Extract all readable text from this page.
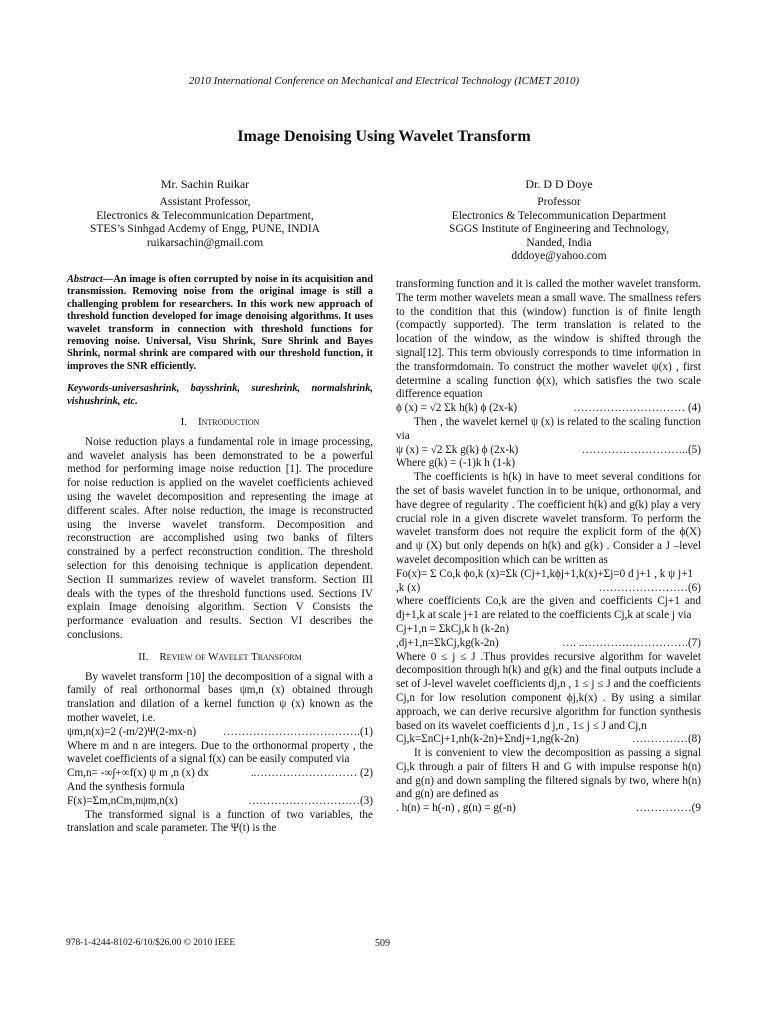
2010 International Conference on Mechanical and Electrical Technology (ICMET 2010)
Image Denoising Using Wavelet Transform
Mr. Sachin Ruikar
Assistant Professor,
Electronics & Telecommunication Department,
STES’s Sinhgad Acdemy of Engg, PUNE, INDIA
ruikarsachin@gmail.com
Dr. D D Doye
Professor
Electronics & Telecommunication Department
SGGS Institute of Engineering and Technology,
Nanded, India
dddoye@yahoo.com

Abstract—An image is often corrupted by noise in its acquisition and transmission. Removing noise from the original image is still a challenging problem for researchers. In this work new approach of threshold function developed for image denoising algorithms. It uses wavelet transform in connection with threshold functions for removing noise. Universal, Visu Shrink, Sure Shrink and Bayes Shrink, normal shrink are compared with our threshold function, it improves the SNR efficiently.

Keywords-universashrink, baysshrink, sureshrink, normalshrink, vishushrink, etc.

I. Introduction

Noise reduction plays a fundamental role in image processing, and wavelet analysis has been demonstrated to be a powerful method for performing image noise reduction [1]. The procedure for noise reduction is applied on the wavelet coefficients achieved using the wavelet decomposition and representing the image at different scales. After noise reduction, the image is reconstructed using the inverse wavelet transform. Decomposition and reconstruction are accomplished using two banks of filters constrained by a perfect reconstruction condition. The threshold selection for this denoising technique is application dependent. Section II summarizes review of wavelet transform. Section III deals with the types of the threshold functions used. Sections IV explain Image denoising algorithm. Section V Consists the performance evaluation and results. Section VI describes the conclusions.

II. Review of Wavelet Transform

By wavelet transform [10] the decomposition of a signal with a family of real orthonormal bases ψm,n (x) obtained through translation and dilation of a kernel function ψ (x) known as the mother wavelet, i.e.

ψm,n(x)=2 (-m/2)Ψ(2-mx-n) ……………………………….(1)

Where m and n are integers. Due to the orthonormal property , the wavelet coefficients of a signal f(x) can be easily computed via

Cm,n= -∞∫+∞f(x) ψ m ,n (x) dx	..……………………… (2)

And the synthesis formula

F(x)=Σm,nCm,nψm,n(x)	…………………………(3)

The transformed signal is a function of two variables, the translation and scale parameter. The Ψ(t) is the

transforming function and it is called the mother wavelet transform. The term mother wavelets mean a small wave. The smallness refers to the condition that this (window) function is of finite length (compactly supported). The term translation is related to the location of the window, as the window is shifted through the signal[12]. This term obviously corresponds to time information in the transformdomain. To construct the mother wavelet ψ(x) , first determine a scaling function ϕ(x), which satisfies the two scale difference equation

ϕ (x) = √2 Σk h(k) ϕ (2x-k)	………………………… (4)

Then , the wavelet kernel ψ (x) is related to the scaling function via

ψ (x) = √2 Σk g(k) ϕ (2x-k)	………………………..(5)

Where g(k) = (-1)k h (1-k)

The coefficients is h(k) in have to meet several conditions for the set of basis wavelet function in to be unique, orthonormal, and have degree of regularity . The coefficient h(k) and g(k) play a very crucial role in a given discrete wavelet transform. To perform the wavelet transform does not require the explicit form of the ϕ(X) and ψ (X) but only depends on h(k) and g(k) . Consider a J –level wavelet decomposition which can be written as

Fo(x)= Σ Co,k ϕo,k (x)=Σk (Cj+1,kϕj+1,k(x)+Σj=0 d j+1 , k ψ j+1 ,k (x)	……………………(6)

where coefficients Co,k are the given and coefficients Cj+1 and dj+1,k at scale j+1 are related to the coefficients Cj,k at scale j via

Cj+1,n = ΣkCj,k h (k-2n)

,dj+1,n=ΣkCj,kg(k-2n)	…. ..……………………….(7)

Where 0 ≤ j ≤ J .Thus provides recursive algorithm for wavelet decomposition through h(k) and g(k) and the final outputs include a set of J-level wavelet coefficients dj,n , 1 ≤ j ≤ J and the coefficients Cj,n for low resolution component ϕj,k(x) . By using a similar approach, we can derive recursive algorithm for function synthesis based on its wavelet coefficients d j,n , 1≤ j ≤ J and Cj,n

Cj,k=ΣnCj+1,nh(k-2n)+Σndj+1,ng(k-2n)	……………(8)

It is convenient to view the decomposition as passing a signal Cj,k through a pair of filters H and G with impulse response h(n) and g(n) and down sampling the filtered signals by two, where h(n) and g(n) are defined as

. h(n) = h(-n) , g(n) = g(-n)	……………(9

978-1-4244-8102-6/10/$26.00 © 2010 IEEE	509
